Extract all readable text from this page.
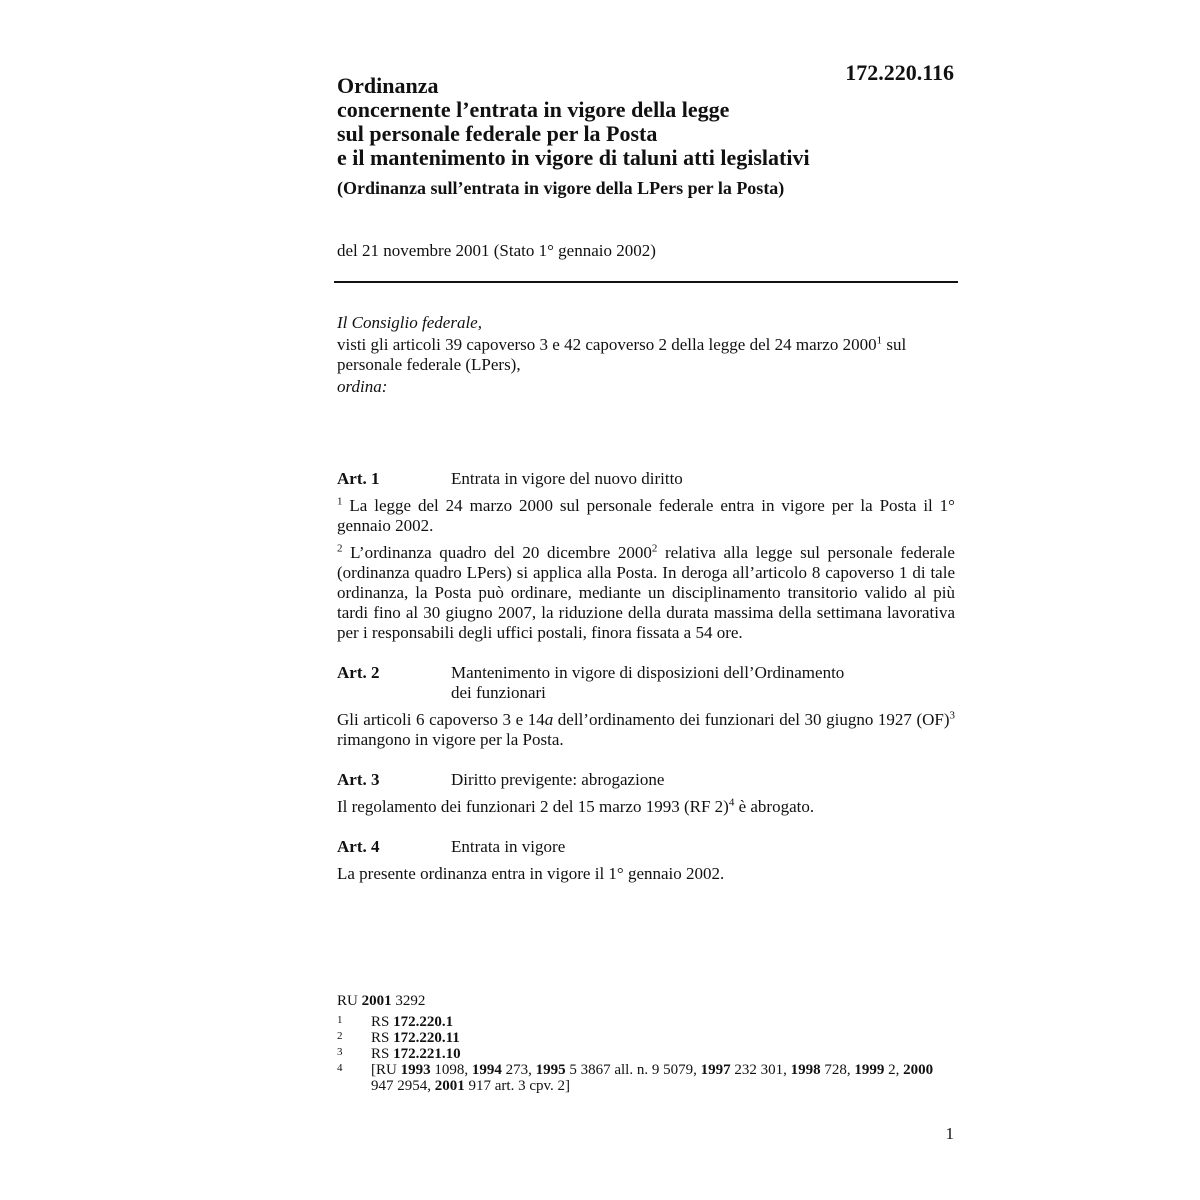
172.220.116
Ordinanza
concernente l’entrata in vigore della legge
sul personale federale per la Posta
e il mantenimento in vigore di taluni atti legislativi
(Ordinanza sull’entrata in vigore della LPers per la Posta)
del 21 novembre 2001 (Stato 1° gennaio 2002)
Il Consiglio federale,
visti gli articoli 39 capoverso 3 e 42 capoverso 2 della legge del 24 marzo 2000$^1$ sul personale federale (LPers),
ordina:
Art. 1	Entrata in vigore del nuovo diritto
$^1$ La legge del 24 marzo 2000 sul personale federale entra in vigore per la Posta il 1° gennaio 2002.
$^2$ L’ordinanza quadro del 20 dicembre 2000$^2$ relativa alla legge sul personale federale (ordinanza quadro LPers) si applica alla Posta. In deroga all’articolo 8 capoverso 1 di tale ordinanza, la Posta può ordinare, mediante un disciplinamento transitorio valido al più tardi fino al 30 giugno 2007, la riduzione della durata massima della settimana lavorativa per i responsabili degli uffici postali, finora fissata a 54 ore.
Art. 2	Mantenimento in vigore di disposizioni dell’Ordinamento
dei funzionari
Gli articoli 6 capoverso 3 e 14a dell’ordinamento dei funzionari del 30 giugno 1927 (OF)$^3$ rimangono in vigore per la Posta.
Art. 3	Diritto previgente: abrogazione
Il regolamento dei funzionari 2 del 15 marzo 1993 (RF 2)$^4$ è abrogato.
Art. 4	Entrata in vigore
La presente ordinanza entra in vigore il 1° gennaio 2002.
RU 2001 3292
1	RS 172.220.1
2	RS 172.220.11
3	RS 172.221.10
4	[RU 1993 1098, 1994 273, 1995 5 3867 all. n. 9 5079, 1997 232 301, 1998 728, 1999 2, 2000 947 2954, 2001 917 art. 3 cpv. 2]
1
